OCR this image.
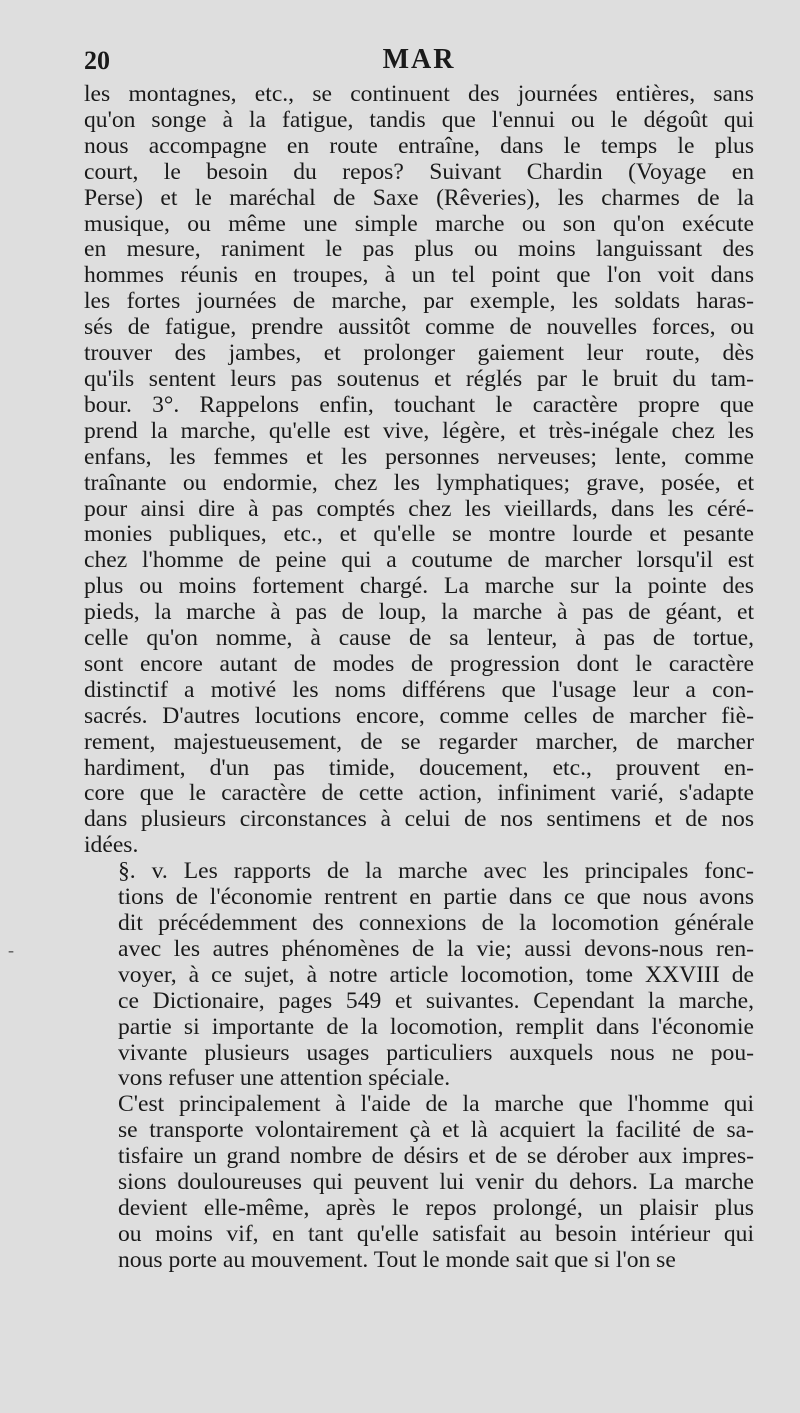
20	MAR

les montagnes, etc., se continuent des journées entières, sans
qu'on songe à la fatigue, tandis que l'ennui ou le dégoût qui
nous accompagne en route entraîne, dans le temps le plus
court, le besoin du repos? Suivant Chardin (Voyage en
Perse) et le maréchal de Saxe (Rêveries), les charmes de la
musique, ou même une simple marche ou son qu'on exécute
en mesure, raniment le pas plus ou moins languissant des
hommes réunis en troupes, à un tel point que l'on voit dans
les fortes journées de marche, par exemple, les soldats haras-
sés de fatigue, prendre aussitôt comme de nouvelles forces, ou
trouver des jambes, et prolonger gaiement leur route, dès
qu'ils sentent leurs pas soutenus et réglés par le bruit du tam-
bour. 3°. Rappelons enfin, touchant le caractère propre que
prend la marche, qu'elle est vive, légère, et très-inégale chez les
enfans, les femmes et les personnes nerveuses; lente, comme
traînante ou endormie, chez les lymphatiques; grave, posée, et
pour ainsi dire à pas comptés chez les vieillards, dans les céré-
monies publiques, etc., et qu'elle se montre lourde et pesante
chez l'homme de peine qui a coutume de marcher lorsqu'il est
plus ou moins fortement chargé. La marche sur la pointe des
pieds, la marche à pas de loup, la marche à pas de géant, et
celle qu'on nomme, à cause de sa lenteur, à pas de tortue,
sont encore autant de modes de progression dont le caractère
distinctif a motivé les noms différens que l'usage leur a con-
sacrés. D'autres locutions encore, comme celles de marcher fiè-
rement, majestueusement, de se regarder marcher, de marcher
hardiment, d'un pas timide, doucement, etc., prouvent en-
core que le caractère de cette action, infiniment varié, s'adapte
dans plusieurs circonstances à celui de nos sentimens et de nos
idées.

§. v. Les rapports de la marche avec les principales fonc-
tions de l'économie rentrent en partie dans ce que nous avons
dit précédemment des connexions de la locomotion générale
avec les autres phénomènes de la vie; aussi devons-nous ren-
voyer, à ce sujet, à notre article locomotion, tome XXVIII de
ce Dictionaire, pages 549 et suivantes. Cependant la marche,
partie si importante de la locomotion, remplit dans l'économie
vivante plusieurs usages particuliers auxquels nous ne pou-
vons refuser une attention spéciale.

C'est principalement à l'aide de la marche que l'homme qui
se transporte volontairement çà et là acquiert la facilité de sa-
tisfaire un grand nombre de désirs et de se dérober aux impres-
sions douloureuses qui peuvent lui venir du dehors. La marche
devient elle-même, après le repos prolongé, un plaisir plus
ou moins vif, en tant qu'elle satisfait au besoin intérieur qui
nous porte au mouvement. Tout le monde sait que si l'on se

-
